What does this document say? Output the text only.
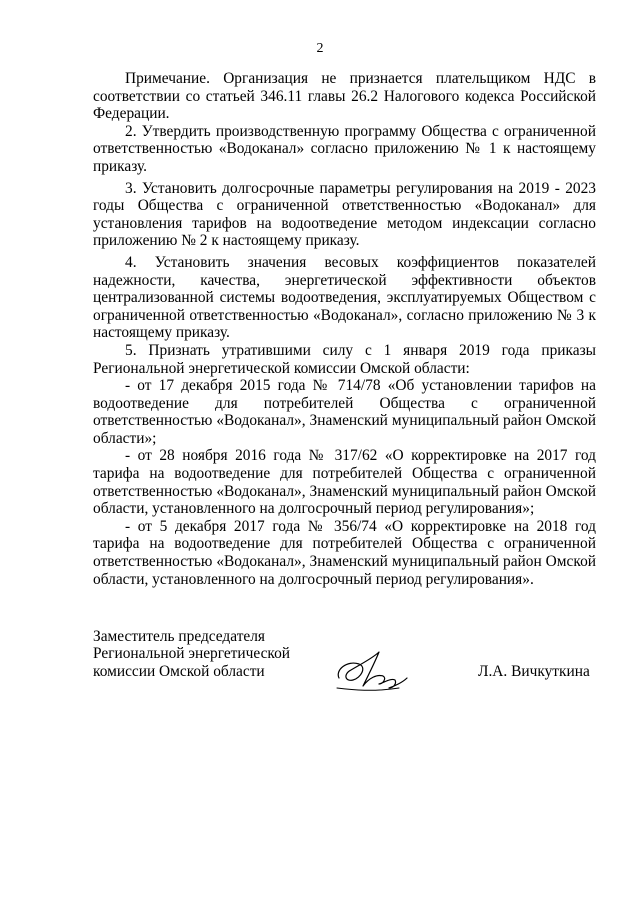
2

Примечание. Организация не признается плательщиком НДС в соответствии со статьей 346.11 главы 26.2 Налогового кодекса Российской Федерации.

2. Утвердить производственную программу Общества с ограниченной ответственностью «Водоканал» согласно приложению № 1 к настоящему приказу.

3. Установить долгосрочные параметры регулирования на 2019 - 2023 годы Общества с ограниченной ответственностью «Водоканал» для установления тарифов на водоотведение методом индексации согласно приложению № 2 к настоящему приказу.

4. Установить значения весовых коэффициентов показателей надежности, качества, энергетической эффективности объектов централизованной системы водоотведения, эксплуатируемых Обществом с ограниченной ответственностью «Водоканал», согласно приложению № 3 к настоящему приказу.

5. Признать утратившими силу с 1 января 2019 года приказы Региональной энергетической комиссии Омской области:

- от 17 декабря 2015 года № 714/78 «Об установлении тарифов на водоотведение для потребителей Общества с ограниченной ответственностью «Водоканал», Знаменский муниципальный район Омской области»;

- от 28 ноября 2016 года № 317/62 «О корректировке на 2017 год тарифа на водоотведение для потребителей Общества с ограниченной ответственностью «Водоканал», Знаменский муниципальный район Омской области, установленного на долгосрочный период регулирования»;

- от 5 декабря 2017 года № 356/74 «О корректировке на 2018 год тарифа на водоотведение для потребителей Общества с ограниченной ответственностью «Водоканал», Знаменский муниципальный район Омской области, установленного на долгосрочный период регулирования».

Заместитель председателя
Региональной энергетической
комиссии Омской области	Л.А. Вичкуткина
